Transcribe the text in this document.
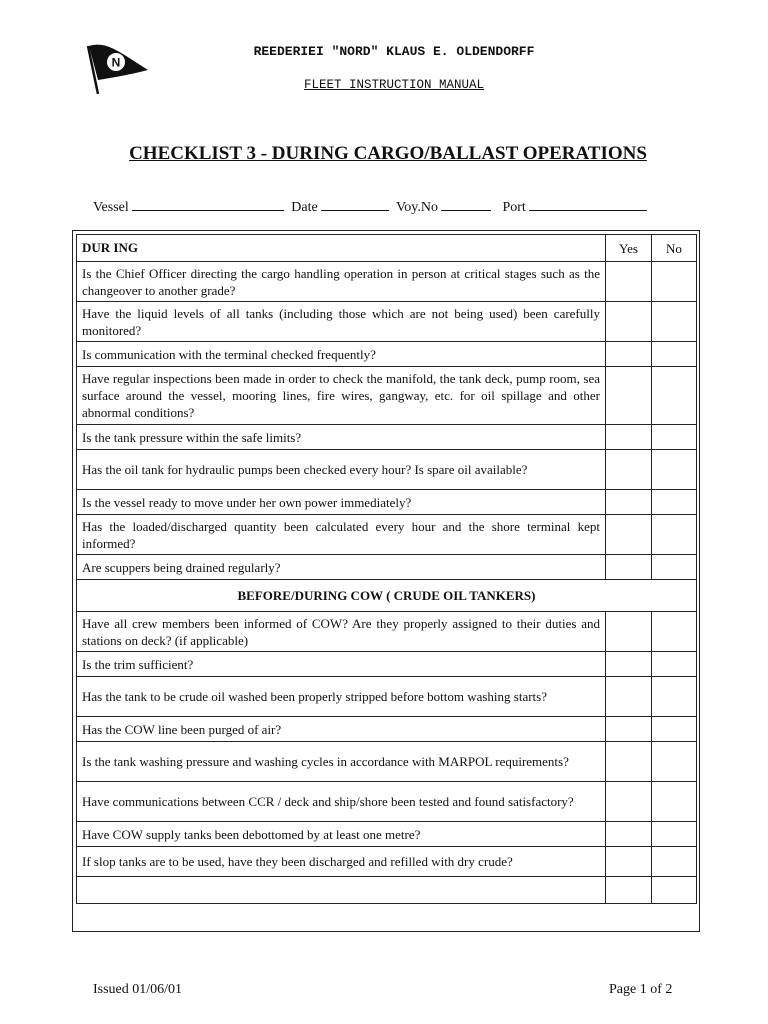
N
REEDERIEI "NORD" KLAUS E. OLDENDORFF
FLEET INSTRUCTION MANUAL
CHECKLIST 3 - DURING CARGO/BALLAST OPERATIONS
Vessel	Date	Voy.No	Port
DUR ING	Yes	No
Is the Chief Officer directing the cargo handling operation in person at critical stages such as the changeover to another grade?		
Have the liquid levels of all tanks (including those which are not being used) been carefully monitored?		
Is communication with the terminal checked frequently?		
Have regular inspections been made in order to check the manifold, the tank deck, pump room, sea surface around the vessel, mooring lines, fire wires, gangway, etc. for oil spillage and other abnormal conditions?		
Is the tank pressure within the safe limits?		
Has the oil tank for hydraulic pumps been checked every hour? Is spare oil available?		
Is the vessel ready to move under her own power immediately?		
Has the loaded/discharged quantity been calculated every hour and the shore terminal kept informed?		
Are scuppers being drained regularly?		
BEFORE/DURING COW ( CRUDE OIL TANKERS)		
Have all crew members been informed of COW? Are they properly assigned to their duties and stations on deck? (if applicable)		
Is the trim sufficient?		
Has the tank to be crude oil washed been properly stripped before bottom washing starts?		
Has the COW line been purged of air?		
Is the tank washing pressure and washing cycles in accordance with MARPOL requirements?		
Have communications between CCR / deck and ship/shore been tested and found satisfactory?		
Have COW supply tanks been debottomed by at least one metre?		
If slop tanks are to be used, have they been discharged and refilled with dry crude?		

Issued 01/06/01	Page 1 of 2
